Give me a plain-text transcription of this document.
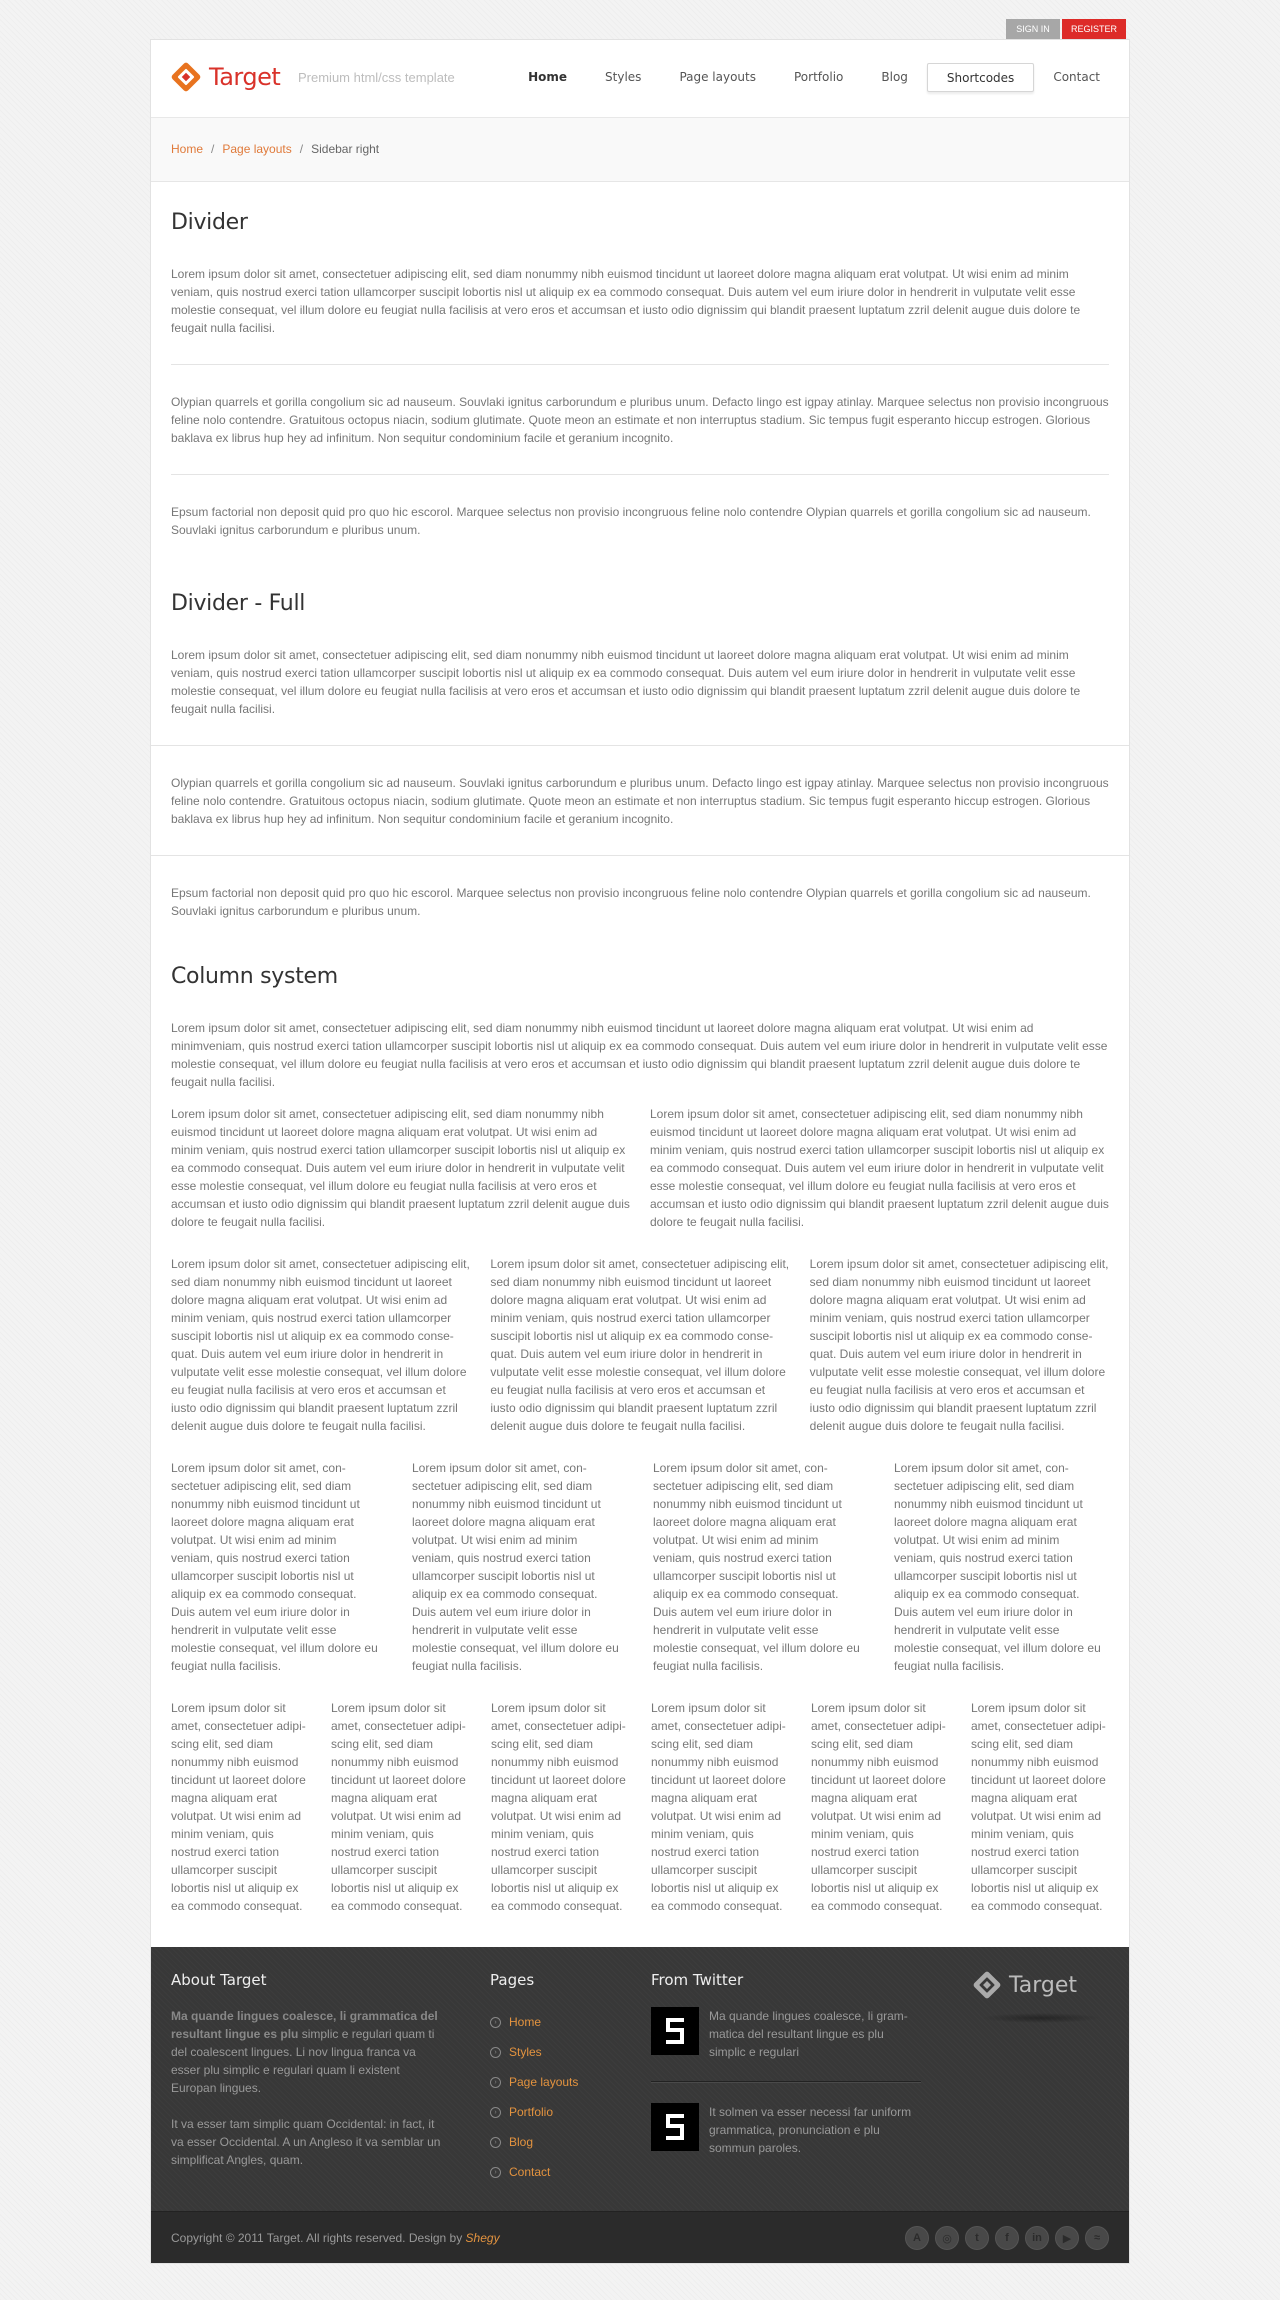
SIGN IN	REGISTER
Target Premium html/css template	Home	Styles	Page layouts	Portfolio	Blog	Shortcodes	Contact
Home / Page layouts / Sidebar right
Divider

Lorem ipsum dolor sit amet, consectetuer adipiscing elit, sed diam nonummy nibh euismod tincidunt ut laoreet dolore magna aliquam erat volutpat. Ut wisi enim ad minim veniam, quis nostrud exerci tation ullamcorper suscipit lobortis nisl ut aliquip ex ea commodo consequat. Duis autem vel eum iriure dolor in hendrerit in vulputate velit esse molestie consequat, vel illum dolore eu feugiat nulla facilisis at vero eros et accumsan et iusto odio dignissim qui blandit praesent luptatum zzril delenit augue duis dolore te feugait nulla facilisi.

Olypian quarrels et gorilla congolium sic ad nauseum. Souvlaki ignitus carborundum e pluribus unum. Defacto lingo est igpay atinlay. Marquee selectus non provisio incongruous feline nolo contendre. Gratuitous octopus niacin, sodium glutimate. Quote meon an estimate et non interruptus stadium. Sic tempus fugit esperanto hiccup estrogen. Glorious baklava ex librus hup hey ad infinitum. Non sequitur condominium facile et geranium incognito.

Epsum factorial non deposit quid pro quo hic escorol. Marquee selectus non provisio incongruous feline nolo contendre Olypian quarrels et gorilla congolium sic ad nauseum. Souvlaki ignitus carborundum e pluribus unum.

Divider - Full

Lorem ipsum dolor sit amet, consectetuer adipiscing elit, sed diam nonummy nibh euismod tincidunt ut laoreet dolore magna aliquam erat volutpat. Ut wisi enim ad minim veniam, quis nostrud exerci tation ullamcorper suscipit lobortis nisl ut aliquip ex ea commodo consequat. Duis autem vel eum iriure dolor in hendrerit in vulputate velit esse molestie consequat, vel illum dolore eu feugiat nulla facilisis at vero eros et accumsan et iusto odio dignissim qui blandit praesent luptatum zzril delenit augue duis dolore te feugait nulla facilisi.

Olypian quarrels et gorilla congolium sic ad nauseum. Souvlaki ignitus carborundum e pluribus unum. Defacto lingo est igpay atinlay. Marquee selectus non provisio incongruous feline nolo contendre. Gratuitous octopus niacin, sodium glutimate. Quote meon an estimate et non interruptus stadium. Sic tempus fugit esperanto hiccup estrogen. Glorious baklava ex librus hup hey ad infinitum. Non sequitur condominium facile et geranium incognito.

Epsum factorial non deposit quid pro quo hic escorol. Marquee selectus non provisio incongruous feline nolo contendre Olypian quarrels et gorilla congolium sic ad nauseum. Souvlaki ignitus carborundum e pluribus unum.

Column system

Lorem ipsum dolor sit amet, consectetuer adipiscing elit, sed diam nonummy nibh euismod tincidunt ut laoreet dolore magna aliquam erat volutpat. Ut wisi enim ad minimveniam, quis nostrud exerci tation ullamcorper suscipit lobortis nisl ut aliquip ex ea commodo consequat. Duis autem vel eum iriure dolor in hendrerit in vulputate velit esse molestie consequat, vel illum dolore eu feugiat nulla facilisis at vero eros et accumsan et iusto odio dignissim qui blandit praesent luptatum zzril delenit augue duis dolore te feugait nulla facilisi.

Lorem ipsum dolor sit amet, consectetuer adipiscing elit, sed diam nonummy nibh euismod tincidunt ut laoreet dolore magna aliquam erat volutpat. Ut wisi enim ad minim veniam, quis nostrud exerci tation ullamcorper suscipit lobortis nisl ut aliquip ex ea commodo consequat. Duis autem vel eum iriure dolor in hendrerit in vulputate velit esse molestie consequat, vel illum dolore eu feugiat nulla facilisis at vero eros et accumsan et iusto odio dignissim qui blandit praesent luptatum zzril delenit augue duis dolore te feugait nulla facilisi.

Lorem ipsum dolor sit amet, consectetuer adipiscing elit, sed diam nonummy nibh euismod tincidunt ut laoreet dolore magna aliquam erat volutpat. Ut wisi enim ad minim veniam, quis nostrud exerci tation ullamcorper suscipit lobortis nisl ut aliquip ex ea commodo consequat. Duis autem vel eum iriure dolor in hendrerit in vulputate velit esse molestie consequat, vel illum dolore eu feugiat nulla facilisis at vero eros et accumsan et iusto odio dignissim qui blandit praesent luptatum zzril delenit augue duis dolore te feugait nulla facilisi.

Lorem ipsum dolor sit amet, consectetuer adipiscing elit, sed diam nonummy nibh euismod tincidunt ut laoreet dolore magna aliquam erat volutpat. Ut wisi enim ad minim veniam, quis nostrud exerci tation ullamcorper suscipit lobortis nisl ut aliquip ex ea commodo conse-quat. Duis autem vel eum iriure dolor in hendrerit in vulputate velit esse molestie consequat, vel illum dolore eu feugiat nulla facilisis at vero eros et accumsan et iusto odio dignissim qui blandit praesent luptatum zzril delenit augue duis dolore te feugait nulla facilisi.

Lorem ipsum dolor sit amet, consectetuer adipiscing elit, sed diam nonummy nibh euismod tincidunt ut laoreet dolore magna aliquam erat volutpat. Ut wisi enim ad minim veniam, quis nostrud exerci tation ullamcorper suscipit lobortis nisl ut aliquip ex ea commodo conse-quat. Duis autem vel eum iriure dolor in hendrerit in vulputate velit esse molestie consequat, vel illum dolore eu feugiat nulla facilisis at vero eros et accumsan et iusto odio dignissim qui blandit praesent luptatum zzril delenit augue duis dolore te feugait nulla facilisi.

Lorem ipsum dolor sit amet, consectetuer adipiscing elit, sed diam nonummy nibh euismod tincidunt ut laoreet dolore magna aliquam erat volutpat. Ut wisi enim ad minim veniam, quis nostrud exerci tation ullamcorper suscipit lobortis nisl ut aliquip ex ea commodo conse-quat. Duis autem vel eum iriure dolor in hendrerit in vulputate velit esse molestie consequat, vel illum dolore eu feugiat nulla facilisis at vero eros et accumsan et iusto odio dignissim qui blandit praesent luptatum zzril delenit augue duis dolore te feugait nulla facilisi.

Lorem ipsum dolor sit amet, con-sectetuer adipiscing elit, sed diam nonummy nibh euismod tincidunt ut laoreet dolore magna aliquam erat volutpat. Ut wisi enim ad minim veniam, quis nostrud exerci tation ullamcorper suscipit lobortis nisl ut aliquip ex ea commodo consequat. Duis autem vel eum iriure dolor in hendrerit in vulputate velit esse molestie consequat, vel illum dolore eu feugiat nulla facilisis.

Lorem ipsum dolor sit amet, con-sectetuer adipiscing elit, sed diam nonummy nibh euismod tincidunt ut laoreet dolore magna aliquam erat volutpat. Ut wisi enim ad minim veniam, quis nostrud exerci tation ullamcorper suscipit lobortis nisl ut aliquip ex ea commodo consequat. Duis autem vel eum iriure dolor in hendrerit in vulputate velit esse molestie consequat, vel illum dolore eu feugiat nulla facilisis.

Lorem ipsum dolor sit amet, con-sectetuer adipiscing elit, sed diam nonummy nibh euismod tincidunt ut laoreet dolore magna aliquam erat volutpat. Ut wisi enim ad minim veniam, quis nostrud exerci tation ullamcorper suscipit lobortis nisl ut aliquip ex ea commodo consequat. Duis autem vel eum iriure dolor in hendrerit in vulputate velit esse molestie consequat, vel illum dolore eu feugiat nulla facilisis.

Lorem ipsum dolor sit amet, con-sectetuer adipiscing elit, sed diam nonummy nibh euismod tincidunt ut laoreet dolore magna aliquam erat volutpat. Ut wisi enim ad minim veniam, quis nostrud exerci tation ullamcorper suscipit lobortis nisl ut aliquip ex ea commodo consequat. Duis autem vel eum iriure dolor in hendrerit in vulputate velit esse molestie consequat, vel illum dolore eu feugiat nulla facilisis.

Lorem ipsum dolor sit amet, consectetuer adipi-scing elit, sed diam nonummy nibh euismod tincidunt ut laoreet dolore magna aliquam erat volutpat. Ut wisi enim ad minim veniam, quis nostrud exerci tation ullamcorper suscipit lobortis nisl ut aliquip ex ea commodo consequat.

Lorem ipsum dolor sit amet, consectetuer adipi-scing elit, sed diam nonummy nibh euismod tincidunt ut laoreet dolore magna aliquam erat volutpat. Ut wisi enim ad minim veniam, quis nostrud exerci tation ullamcorper suscipit lobortis nisl ut aliquip ex ea commodo consequat.

Lorem ipsum dolor sit amet, consectetuer adipi-scing elit, sed diam nonummy nibh euismod tincidunt ut laoreet dolore magna aliquam erat volutpat. Ut wisi enim ad minim veniam, quis nostrud exerci tation ullamcorper suscipit lobortis nisl ut aliquip ex ea commodo consequat.

Lorem ipsum dolor sit amet, consectetuer adipi-scing elit, sed diam nonummy nibh euismod tincidunt ut laoreet dolore magna aliquam erat volutpat. Ut wisi enim ad minim veniam, quis nostrud exerci tation ullamcorper suscipit lobortis nisl ut aliquip ex ea commodo consequat.

Lorem ipsum dolor sit amet, consectetuer adipi-scing elit, sed diam nonummy nibh euismod tincidunt ut laoreet dolore magna aliquam erat volutpat. Ut wisi enim ad minim veniam, quis nostrud exerci tation ullamcorper suscipit lobortis nisl ut aliquip ex ea commodo consequat.

Lorem ipsum dolor sit amet, consectetuer adipi-scing elit, sed diam nonummy nibh euismod tincidunt ut laoreet dolore magna aliquam erat volutpat. Ut wisi enim ad minim veniam, quis nostrud exerci tation ullamcorper suscipit lobortis nisl ut aliquip ex ea commodo consequat.

About Target

Ma quande lingues coalesce, li grammatica del resultant lingue es plu simplic e regulari quam ti del coalescent lingues. Li nov lingua franca va esser plu simplic e regulari quam li existent Europan lingues.

It va esser tam simplic quam Occidental: in fact, it va esser Occidental. A un Angleso it va semblar un simplificat Angles, quam.

Pages
›	Home
›	Styles
›	Page layouts
›	Portfolio
›	Blog
›	Contact
From Twitter

Ma quande lingues coalesce, li gram-matica del resultant lingue es plu simplic e regulari

It solmen va esser necessi far uniform grammatica, pronunciation e plu sommun paroles.

Target
Copyright © 2011 Target. All rights reserved. Design by Shegy	A	◎	t	f	in	▶	≈
